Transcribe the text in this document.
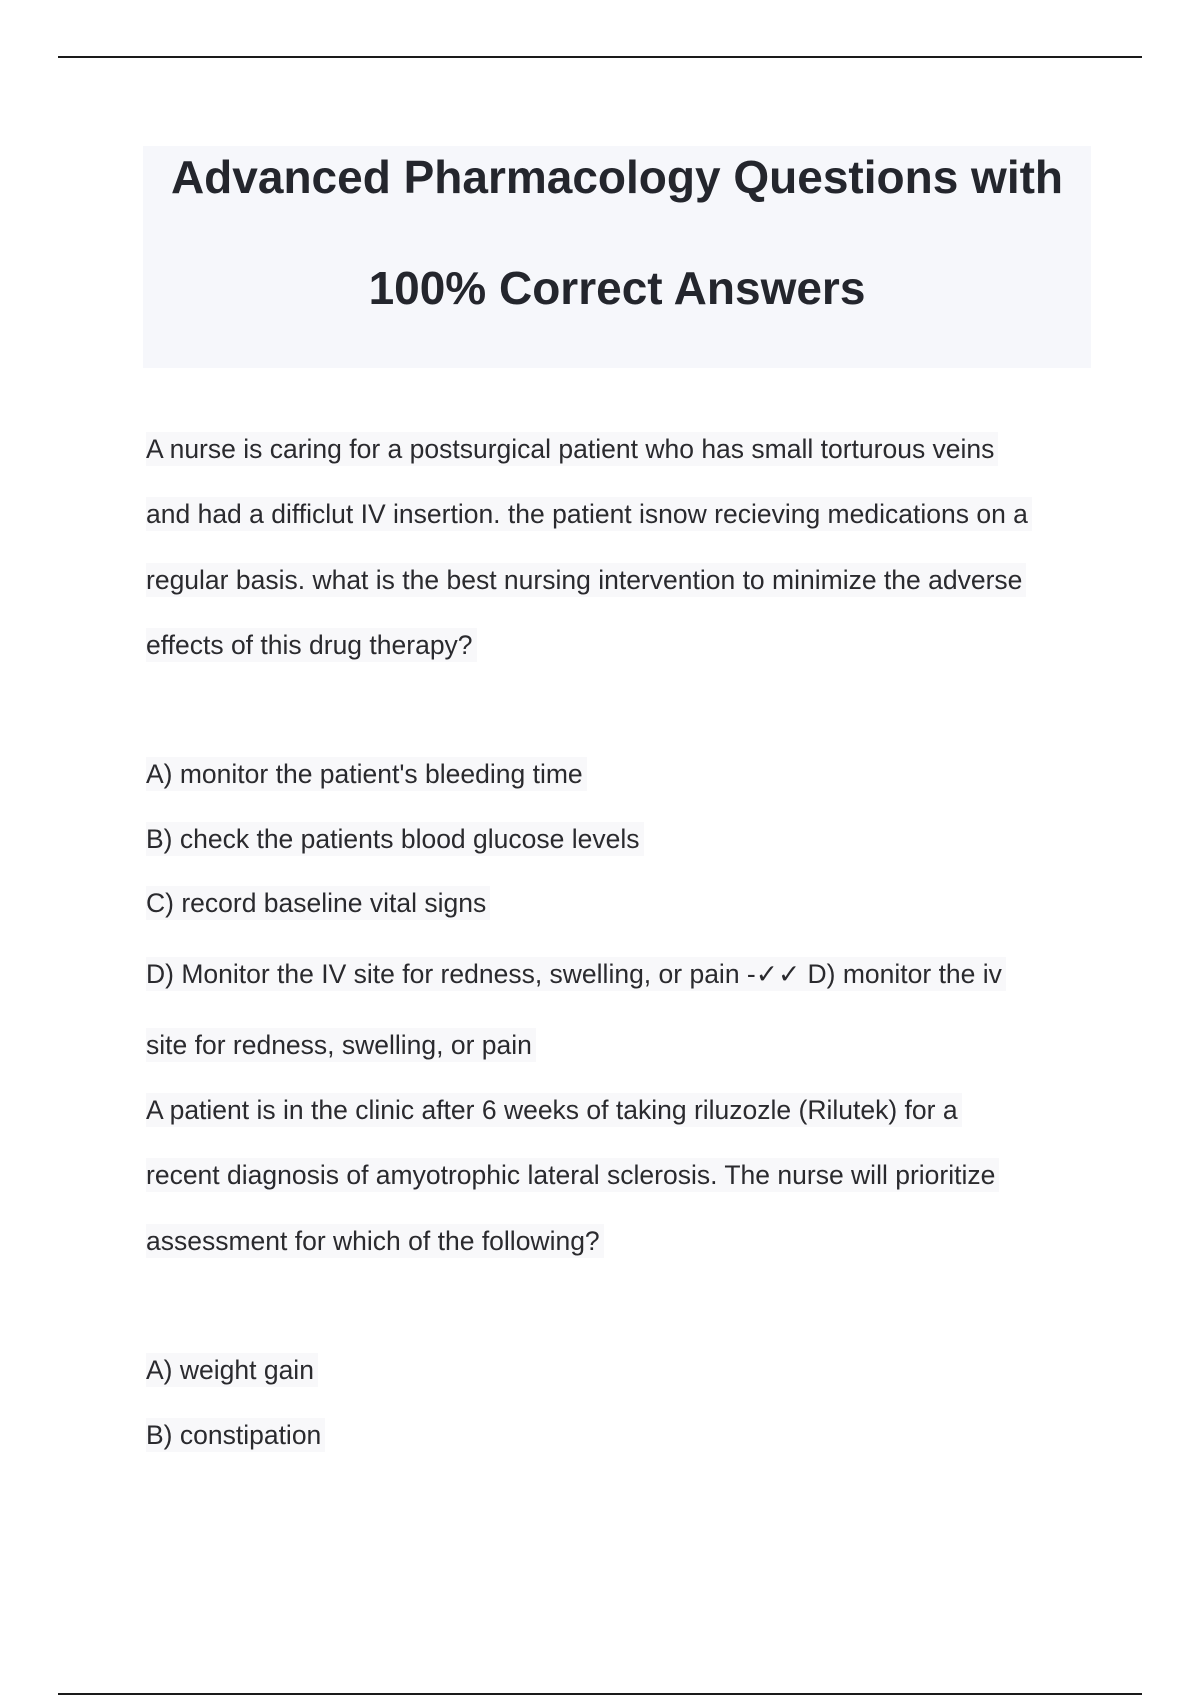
Advanced Pharmacology Questions with
100% Correct Answers
A nurse is caring for a postsurgical patient who has small torturous veins
and had a difficlut IV insertion. the patient isnow recieving medications on a
regular basis. what is the best nursing intervention to minimize the adverse
effects of this drug therapy?
A) monitor the patient's bleeding time
B) check the patients blood glucose levels
C) record baseline vital signs
D) Monitor the IV site for redness, swelling, or pain -✓✓ D) monitor the iv
site for redness, swelling, or pain
A patient is in the clinic after 6 weeks of taking riluzozle (Rilutek) for a
recent diagnosis of amyotrophic lateral sclerosis. The nurse will prioritize
assessment for which of the following?
A) weight gain
B) constipation
